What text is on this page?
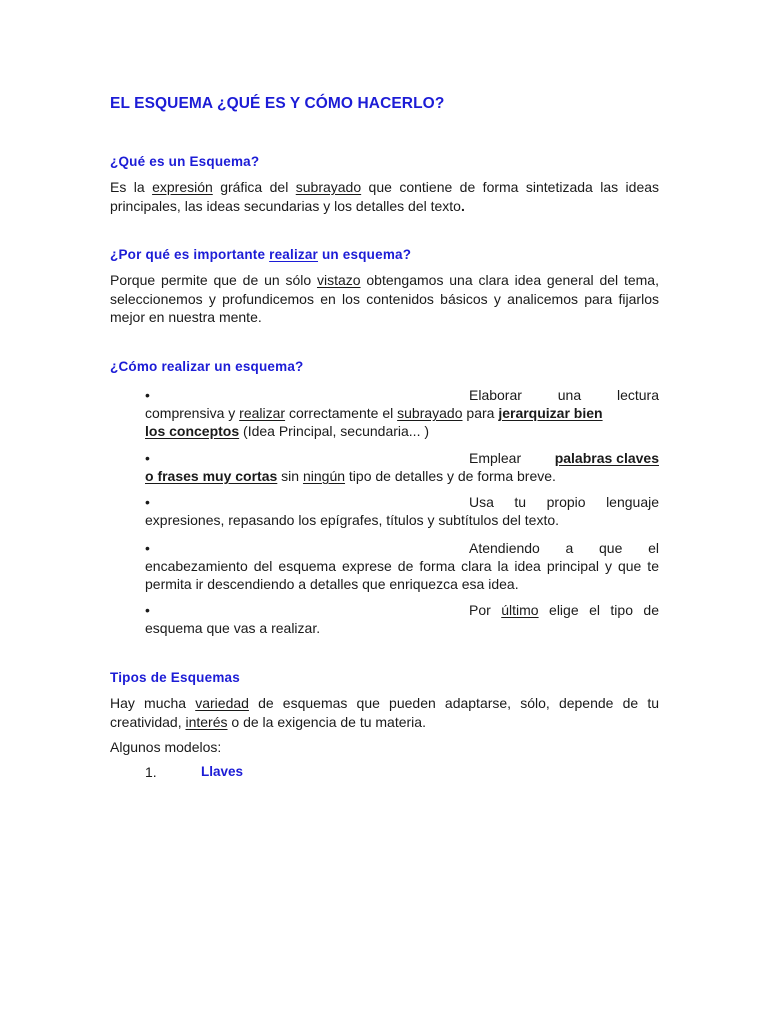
EL ESQUEMA ¿QUÉ ES Y CÓMO HACERLO?
¿Qué es un Esquema?

Es la expresión gráfica del subrayado que contiene de forma sintetizada las ideas principales, las ideas secundarias y los detalles del texto.

¿Por qué es importante realizar un esquema?

Porque permite que de un sólo vistazo obtengamos una clara idea general del tema, seleccionemos y profundicemos en los contenidos básicos y analicemos para fijarlos mejor en nuestra mente.

¿Cómo realizar un esquema?
•	Elaborar	una	lectura
comprensiva y realizar correctamente el subrayado para jerarquizar bien
los conceptos (Idea Principal, secundaria... )
•	Emplear palabras claves
o frases muy cortas sin ningún tipo de detalles y de forma breve.
•	Usa tu propio lenguaje
expresiones, repasando los epígrafes, títulos y subtítulos del texto.
•	Atendiendo a que el
encabezamiento del esquema exprese de forma clara la idea principal y que te permita ir descendiendo a detalles que enriquezca esa idea.
•	Por último elige el tipo de
esquema que vas a realizar.
Tipos de Esquemas

Hay mucha variedad de esquemas que pueden adaptarse, sólo, depende de tu creatividad, interés o de la exigencia de tu materia.

Algunos modelos:

1.	Llaves
